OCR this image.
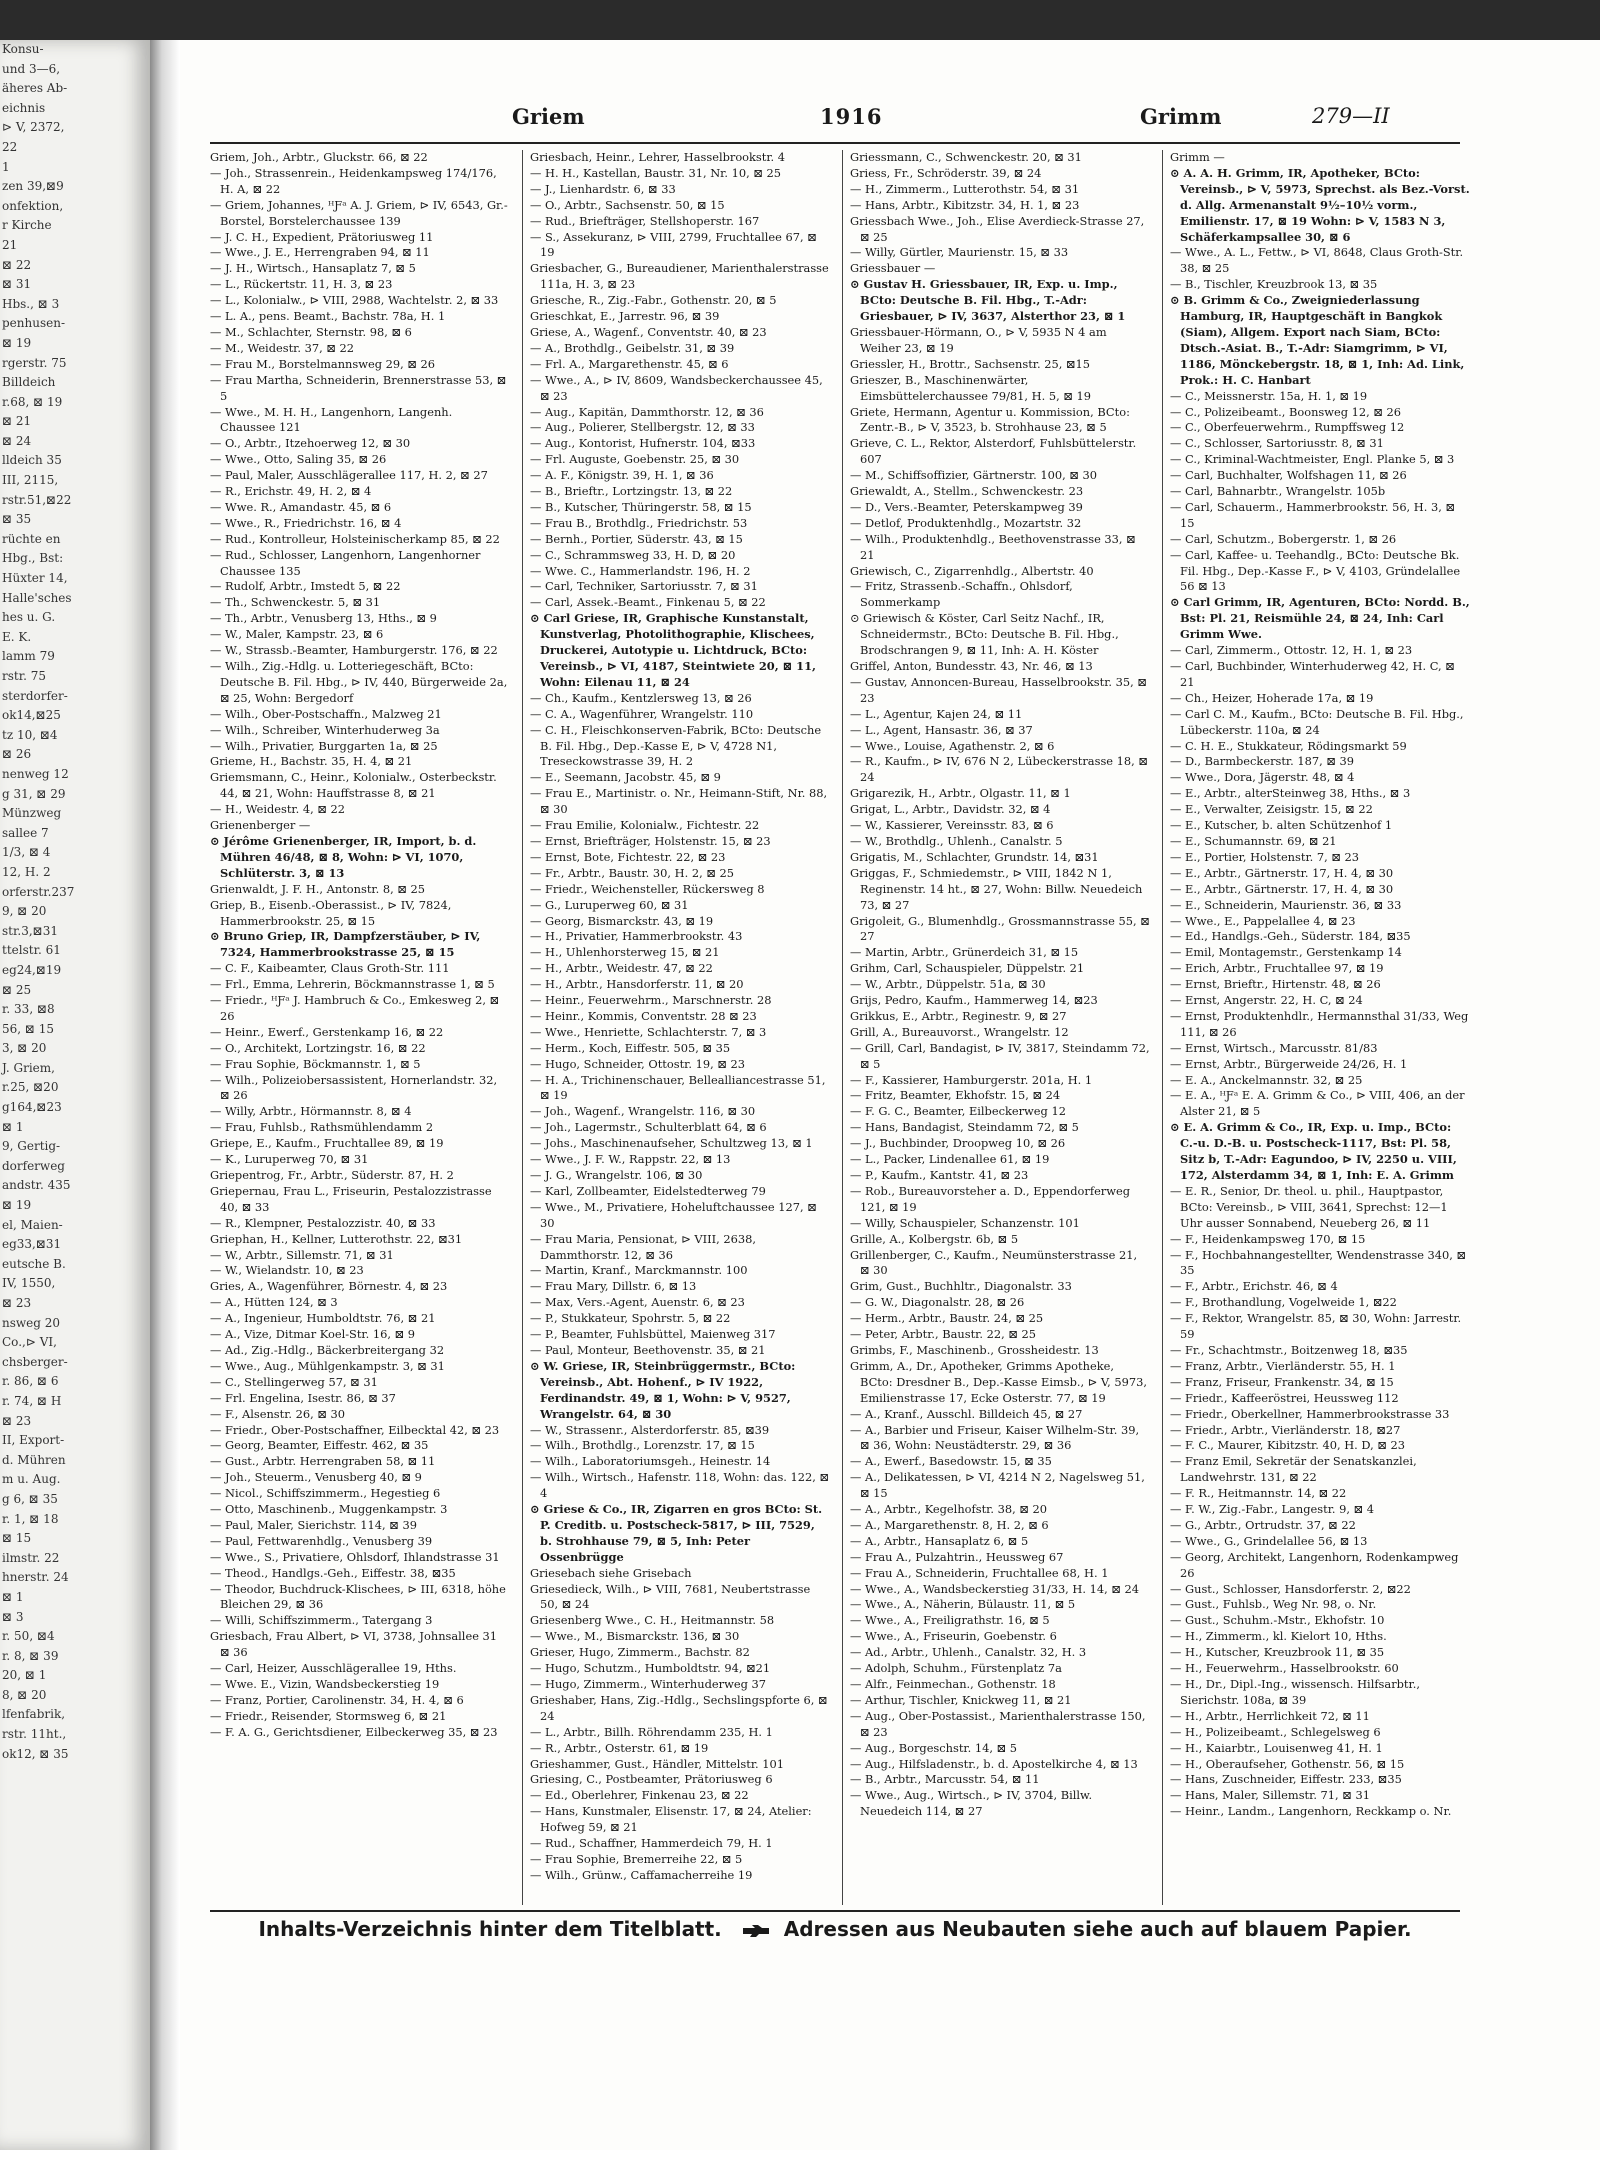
Konsu-
und 3—6,
äheres Ab-
eichnis
⊳ V, 2372,
22
1
zen 39,⊠9
onfektion,
r Kirche
21
⊠ 22
⊠ 31
Hbs., ⊠ 3
penhusen-
⊠ 19
rgerstr. 75
Billdeich
r.68, ⊠ 19
⊠ 21
⊠ 24
lldeich 35
III, 2115,
rstr.51,⊠22
⊠ 35
rüchte en
Hbg., Bst:
Hüxter 14,
Halle'sches
hes u. G.
E. K.
lamm 79
rstr. 75
sterdorfer-
ok14,⊠25
tz 10, ⊠4
⊠ 26
nenweg 12
g 31, ⊠ 29
Münzweg
sallee 7
1/3, ⊠ 4
12, H. 2
orferstr.237
9, ⊠ 20
str.3,⊠31
ttelstr. 61
eg24,⊠19
⊠ 25
r. 33, ⊠8
56, ⊠ 15
3, ⊠ 20
J. Griem,
r.25, ⊠20
g164,⊠23
⊠ 1
9, Gertig-
dorferweg
andstr. 435
⊠ 19
el, Maien-
eg33,⊠31
eutsche B.
IV, 1550,
⊠ 23
nsweg 20
Co.,⊳ VI,
chsberger-
r. 86, ⊠ 6
r. 74, ⊠ H
⊠ 23
II, Export-
d. Mühren
m u. Aug.
g 6, ⊠ 35
r. 1, ⊠ 18
⊠ 15
ilmstr. 22
hnerstr. 24
⊠ 1
⊠ 3
r. 50, ⊠4
r. 8, ⊠ 39
20, ⊠ 1
8, ⊠ 20
lfenfabrik,
rstr. 11ht.,
ok12, ⊠ 35
Griem	1916	Grimm	279—II
Griem, Joh., Arbtr., Gluckstr. 66, ⊠ 22
— Joh., Strassenrein., Heidenkampsweg 174/176, H. A, ⊠ 22
— Griem, Johannes, ᴴƑᵃ A. J. Griem, ⊳ IV, 6543, Gr.-Borstel, Borstelerchaussee 139
— J. C. H., Expedient, Prätoriusweg 11
— Wwe., J. E., Herrengraben 94, ⊠ 11
— J. H., Wirtsch., Hansaplatz 7, ⊠ 5
— L., Rückertstr. 11, H. 3, ⊠ 23
— L., Kolonialw., ⊳ VIII, 2988, Wachtelstr. 2, ⊠ 33
— L. A., pens. Beamt., Bachstr. 78a, H. 1
— M., Schlachter, Sternstr. 98, ⊠ 6
— M., Weidestr. 37, ⊠ 22
— Frau M., Borstelmannsweg 29, ⊠ 26
— Frau Martha, Schneiderin, Brennerstrasse 53, ⊠ 5
— Wwe., M. H. H., Langenhorn, Langenh. Chaussee 121
— O., Arbtr., Itzehoerweg 12, ⊠ 30
— Wwe., Otto, Saling 35, ⊠ 26
— Paul, Maler, Ausschlägerallee 117, H. 2, ⊠ 27
— R., Erichstr. 49, H. 2, ⊠ 4
— Wwe. R., Amandastr. 45, ⊠ 6
— Wwe., R., Friedrichstr. 16, ⊠ 4
— Rud., Kontrolleur, Holsteinischerkamp 85, ⊠ 22
— Rud., Schlosser, Langenhorn, Langenhorner Chaussee 135
— Rudolf, Arbtr., Imstedt 5, ⊠ 22
— Th., Schwenckestr. 5, ⊠ 31
— Th., Arbtr., Venusberg 13, Hths., ⊠ 9
— W., Maler, Kampstr. 23, ⊠ 6
— W., Strassb.-Beamter, Hamburgerstr. 176, ⊠ 22
— Wilh., Zig.-Hdlg. u. Lotteriegeschäft, BCto: Deutsche B. Fil. Hbg., ⊳ IV, 440, Bürgerweide 2a, ⊠ 25, Wohn: Bergedorf
— Wilh., Ober-Postschaffn., Malzweg 21
— Wilh., Schreiber, Winterhuderweg 3a
— Wilh., Privatier, Burggarten 1a, ⊠ 25
Grieme, H., Bachstr. 35, H. 4, ⊠ 21
Griemsmann, C., Heinr., Kolonialw., Osterbeckstr. 44, ⊠ 21, Wohn: Hauffstrasse 8, ⊠ 21
— H., Weidestr. 4, ⊠ 22
Grienenberger —
⊙ Jérôme Grienenberger, IR, Import, b. d. Mühren 46/48, ⊠ 8, Wohn: ⊳ VI, 1070, Schlüterstr. 3, ⊠ 13
Grienwaldt, J. F. H., Antonstr. 8, ⊠ 25
Griep, B., Eisenb.-Oberassist., ⊳ IV, 7824, Hammerbrookstr. 25, ⊠ 15
⊙ Bruno Griep, IR, Dampfzerstäuber, ⊳ IV, 7324, Hammerbrookstrasse 25, ⊠ 15
— C. F., Kaibeamter, Claus Groth-Str. 111
— Frl., Emma, Lehrerin, Böckmannstrasse 1, ⊠ 5
— Friedr., ᴴƑᵃ J. Hambruch & Co., Emkesweg 2, ⊠ 26
— Heinr., Ewerf., Gerstenkamp 16, ⊠ 22
— O., Architekt, Lortzingstr. 16, ⊠ 22
— Frau Sophie, Böckmannstr. 1, ⊠ 5
— Wilh., Polizeiobersassistent, Hornerlandstr. 32, ⊠ 26
— Willy, Arbtr., Hörmannstr. 8, ⊠ 4
— Frau, Fuhlsb., Rathsmühlendamm 2
Griepe, E., Kaufm., Fruchtallee 89, ⊠ 19
— K., Luruperweg 70, ⊠ 31
Griepentrog, Fr., Arbtr., Süderstr. 87, H. 2
Griepernau, Frau L., Friseurin, Pestalozzistrasse 40, ⊠ 33
— R., Klempner, Pestalozzistr. 40, ⊠ 33
Griephan, H., Kellner, Lutterothstr. 22, ⊠31
— W., Arbtr., Sillemstr. 71, ⊠ 31
— W., Wielandstr. 10, ⊠ 23
Gries, A., Wagenführer, Börnestr. 4, ⊠ 23
— A., Hütten 124, ⊠ 3
— A., Ingenieur, Humboldtstr. 76, ⊠ 21
— A., Vize, Ditmar Koel-Str. 16, ⊠ 9
— Ad., Zig.-Hdlg., Bäckerbreitergang 32
— Wwe., Aug., Mühlgenkampstr. 3, ⊠ 31
— C., Stellingerweg 57, ⊠ 31
— Frl. Engelina, Isestr. 86, ⊠ 37
— F., Alsenstr. 26, ⊠ 30
— Friedr., Ober-Postschaffner, Eilbecktal 42, ⊠ 23
— Georg, Beamter, Eiffestr. 462, ⊠ 35
— Gust., Arbtr. Herrengraben 58, ⊠ 11
— Joh., Steuerm., Venusberg 40, ⊠ 9
— Nicol., Schiffszimmerm., Hegestieg 6
— Otto, Maschinenb., Muggenkampstr. 3
— Paul, Maler, Sierichstr. 114, ⊠ 39
— Paul, Fettwarenhdlg., Venusberg 39
— Wwe., S., Privatiere, Ohlsdorf, Ihlandstrasse 31
— Theod., Handlgs.-Geh., Eiffestr. 38, ⊠35
— Theodor, Buchdruck-Klischees, ⊳ III, 6318, höhe Bleichen 29, ⊠ 36
— Willi, Schiffszimmerm., Tatergang 3
Griesbach, Frau Albert, ⊳ VI, 3738, Johnsallee 31 ⊠ 36
— Carl, Heizer, Ausschlägerallee 19, Hths.
— Wwe. E., Vizin, Wandsbeckerstieg 19
— Franz, Portier, Carolinenstr. 34, H. 4, ⊠ 6
— Friedr., Reisender, Stormsweg 6, ⊠ 21
— F. A. G., Gerichtsdiener, Eilbeckerweg 35, ⊠ 23
Griesbach, Heinr., Lehrer, Hasselbrookstr. 4
— H. H., Kastellan, Baustr. 31, Nr. 10, ⊠ 25
— J., Lienhardstr. 6, ⊠ 33
— O., Arbtr., Sachsenstr. 50, ⊠ 15
— Rud., Briefträger, Stellshoperstr. 167
— S., Assekuranz, ⊳ VIII, 2799, Fruchtallee 67, ⊠ 19
Griesbacher, G., Bureaudiener, Marienthalerstrasse 111a, H. 3, ⊠ 23
Griesche, R., Zig.-Fabr., Gothenstr. 20, ⊠ 5
Grieschkat, E., Jarrestr. 96, ⊠ 39
Griese, A., Wagenf., Conventstr. 40, ⊠ 23
— A., Brothdlg., Geibelstr. 31, ⊠ 39
— Frl. A., Margarethenstr. 45, ⊠ 6
— Wwe., A., ⊳ IV, 8609, Wandsbeckerchaussee 45, ⊠ 23
— Aug., Kapitän, Dammthorstr. 12, ⊠ 36
— Aug., Polierer, Stellbergstr. 12, ⊠ 33
— Aug., Kontorist, Hufnerstr. 104, ⊠33
— Frl. Auguste, Goebenstr. 25, ⊠ 30
— A. F., Königstr. 39, H. 1, ⊠ 36
— B., Brieftr., Lortzingstr. 13, ⊠ 22
— B., Kutscher, Thüringerstr. 58, ⊠ 15
— Frau B., Brothdlg., Friedrichstr. 53
— Bernh., Portier, Süderstr. 43, ⊠ 15
— C., Schrammsweg 33, H. D, ⊠ 20
— Wwe. C., Hammerlandstr. 196, H. 2
— Carl, Techniker, Sartoriusstr. 7, ⊠ 31
— Carl, Assek.-Beamt., Finkenau 5, ⊠ 22
⊙ Carl Griese, IR, Graphische Kunstanstalt, Kunstverlag, Photolithographie, Klischees, Druckerei, Autotypie u. Lichtdruck, BCto: Vereinsb., ⊳ VI, 4187, Steintwiete 20, ⊠ 11, Wohn: Eilenau 11, ⊠ 24
— Ch., Kaufm., Kentzlersweg 13, ⊠ 26
— C. A., Wagenführer, Wrangelstr. 110
— C. H., Fleischkonserven-Fabrik, BCto: Deutsche B. Fil. Hbg., Dep.-Kasse E, ⊳ V, 4728 N1, Treseckowstrasse 39, H. 2
— E., Seemann, Jacobstr. 45, ⊠ 9
— Frau E., Martinistr. o. Nr., Heimann-Stift, Nr. 88, ⊠ 30
— Frau Emilie, Kolonialw., Fichtestr. 22
— Ernst, Briefträger, Holstenstr. 15, ⊠ 23
— Ernst, Bote, Fichtestr. 22, ⊠ 23
— Fr., Arbtr., Baustr. 30, H. 2, ⊠ 25
— Friedr., Weichensteller, Rückersweg 8
— G., Luruperweg 60, ⊠ 31
— Georg, Bismarckstr. 43, ⊠ 19
— H., Privatier, Hammerbrookstr. 43
— H., Uhlenhorsterweg 15, ⊠ 21
— H., Arbtr., Weidestr. 47, ⊠ 22
— H., Arbtr., Hansdorferstr. 11, ⊠ 20
— Heinr., Feuerwehrm., Marschnerstr. 28
— Heinr., Kommis, Conventstr. 28 ⊠ 23
— Wwe., Henriette, Schlachterstr. 7, ⊠ 3
— Herm., Koch, Eiffestr. 505, ⊠ 35
— Hugo, Schneider, Ottostr. 19, ⊠ 23
— H. A., Trichinenschauer, Bellealliancestrasse 51, ⊠ 19
— Joh., Wagenf., Wrangelstr. 116, ⊠ 30
— Joh., Lagermstr., Schulterblatt 64, ⊠ 6
— Johs., Maschinenaufseher, Schultzweg 13, ⊠ 1
— Wwe., J. F. W., Rappstr. 22, ⊠ 13
— J. G., Wrangelstr. 106, ⊠ 30
— Karl, Zollbeamter, Eidelstedterweg 79
— Wwe., M., Privatiere, Hoheluftchaussee 127, ⊠ 30
— Frau Maria, Pensionat, ⊳ VIII, 2638, Dammthorstr. 12, ⊠ 36
— Martin, Kranf., Marckmannstr. 100
— Frau Mary, Dillstr. 6, ⊠ 13
— Max, Vers.-Agent, Auenstr. 6, ⊠ 23
— P., Stukkateur, Spohrstr. 5, ⊠ 22
— P., Beamter, Fuhlsbüttel, Maienweg 317
— Paul, Monteur, Beethovenstr. 35, ⊠ 21
⊙ W. Griese, IR, Steinbrüggermstr., BCto: Vereinsb., Abt. Hohenf., ⊳ IV 1922, Ferdinandstr. 49, ⊠ 1, Wohn: ⊳ V, 9527, Wrangelstr. 64, ⊠ 30
— W., Strassenr., Alsterdorferstr. 85, ⊠39
— Wilh., Brothdlg., Lorenzstr. 17, ⊠ 15
— Wilh., Laboratoriumsgeh., Heinestr. 14
— Wilh., Wirtsch., Hafenstr. 118, Wohn: das. 122, ⊠ 4
⊙ Griese & Co., IR, Zigarren en gros BCto: St. P. Creditb. u. Postscheck-5817, ⊳ III, 7529, b. Strohhause 79, ⊠ 5, Inh: Peter Ossenbrügge
Griesebach siehe Grisebach
Griesedieck, Wilh., ⊳ VIII, 7681, Neubertstrasse 50, ⊠ 24
Griesenberg Wwe., C. H., Heitmannstr. 58
— Wwe., M., Bismarckstr. 136, ⊠ 30
Grieser, Hugo, Zimmerm., Bachstr. 82
— Hugo, Schutzm., Humboldtstr. 94, ⊠21
— Hugo, Zimmerm., Winterhuderweg 37
Grieshaber, Hans, Zig.-Hdlg., Sechslingspforte 6, ⊠ 24
— L., Arbtr., Billh. Röhrendamm 235, H. 1
— R., Arbtr., Osterstr. 61, ⊠ 19
Grieshammer, Gust., Händler, Mittelstr. 101
Griesing, C., Postbeamter, Prätoriusweg 6
— Ed., Oberlehrer, Finkenau 23, ⊠ 22
— Hans, Kunstmaler, Elisenstr. 17, ⊠ 24, Atelier: Hofweg 59, ⊠ 21
— Rud., Schaffner, Hammerdeich 79, H. 1
— Frau Sophie, Bremerreihe 22, ⊠ 5
— Wilh., Grünw., Caffamacherreihe 19
Griessmann, C., Schwenckestr. 20, ⊠ 31
Griess, Fr., Schröderstr. 39, ⊠ 24
— H., Zimmerm., Lutterothstr. 54, ⊠ 31
— Hans, Arbtr., Kibitzstr. 34, H. 1, ⊠ 23
Griessbach Wwe., Joh., Elise Averdieck-Strasse 27, ⊠ 25
— Willy, Gürtler, Maurienstr. 15, ⊠ 33
Griessbauer —
⊙ Gustav H. Griessbauer, IR, Exp. u. Imp., BCto: Deutsche B. Fil. Hbg., T.-Adr: Griesbauer, ⊳ IV, 3637, Alsterthor 23, ⊠ 1
Griessbauer-Hörmann, O., ⊳ V, 5935 N 4 am Weiher 23, ⊠ 19
Griessler, H., Brottr., Sachsenstr. 25, ⊠15
Grieszer, B., Maschinenwärter, Eimsbüttelerchaussee 79/81, H. 5, ⊠ 19
Griete, Hermann, Agentur u. Kommission, BCto: Zentr.-B., ⊳ V, 3523, b. Strohhause 23, ⊠ 5
Grieve, C. L., Rektor, Alsterdorf, Fuhlsbüttelerstr. 607
— M., Schiffsoffizier, Gärtnerstr. 100, ⊠ 30
Griewaldt, A., Stellm., Schwenckestr. 23
— D., Vers.-Beamter, Peterskampweg 39
— Detlof, Produktenhdlg., Mozartstr. 32
— Wilh., Produktenhdlg., Beethovenstrasse 33, ⊠ 21
Griewisch, C., Zigarrenhdlg., Albertstr. 40
— Fritz, Strassenb.-Schaffn., Ohlsdorf, Sommerkamp
⊙ Griewisch & Köster, Carl Seitz Nachf., IR, Schneidermstr., BCto: Deutsche B. Fil. Hbg., Brodschrangen 9, ⊠ 11, Inh: A. H. Köster
Griffel, Anton, Bundesstr. 43, Nr. 46, ⊠ 13
— Gustav, Annoncen-Bureau, Hasselbrookstr. 35, ⊠ 23
— L., Agentur, Kajen 24, ⊠ 11
— L., Agent, Hansastr. 36, ⊠ 37
— Wwe., Louise, Agathenstr. 2, ⊠ 6
— R., Kaufm., ⊳ IV, 676 N 2, Lübeckerstrasse 18, ⊠ 24
Grigarezik, H., Arbtr., Olgastr. 11, ⊠ 1
Grigat, L., Arbtr., Davidstr. 32, ⊠ 4
— W., Kassierer, Vereinsstr. 83, ⊠ 6
— W., Brothdlg., Uhlenh., Canalstr. 5
Grigatis, M., Schlachter, Grundstr. 14, ⊠31
Griggas, F., Schmiedemstr., ⊳ VIII, 1842 N 1, Reginenstr. 14 ht., ⊠ 27, Wohn: Billw. Neuedeich 73, ⊠ 27
Grigoleit, G., Blumenhdlg., Grossmannstrasse 55, ⊠ 27
— Martin, Arbtr., Grünerdeich 31, ⊠ 15
Grihm, Carl, Schauspieler, Düppelstr. 21
— W., Arbtr., Düppelstr. 51a, ⊠ 30
Grijs, Pedro, Kaufm., Hammerweg 14, ⊠23
Grikkus, E., Arbtr., Reginestr. 9, ⊠ 27
Grill, A., Bureauvorst., Wrangelstr. 12
— Grill, Carl, Bandagist, ⊳ IV, 3817, Steindamm 72, ⊠ 5
— F., Kassierer, Hamburgerstr. 201a, H. 1
— Fritz, Beamter, Ekhofstr. 15, ⊠ 24
— F. G. C., Beamter, Eilbeckerweg 12
— Hans, Bandagist, Steindamm 72, ⊠ 5
— J., Buchbinder, Droopweg 10, ⊠ 26
— L., Packer, Lindenallee 61, ⊠ 19
— P., Kaufm., Kantstr. 41, ⊠ 23
— Rob., Bureauvorsteher a. D., Eppendorferweg 121, ⊠ 19
— Willy, Schauspieler, Schanzenstr. 101
Grille, A., Kolbergstr. 6b, ⊠ 5
Grillenberger, C., Kaufm., Neumünsterstrasse 21, ⊠ 30
Grim, Gust., Buchhltr., Diagonalstr. 33
— G. W., Diagonalstr. 28, ⊠ 26
— Herm., Arbtr., Baustr. 24, ⊠ 25
— Peter, Arbtr., Baustr. 22, ⊠ 25
Grimbs, F., Maschinenb., Grossheidestr. 13
Grimm, A., Dr., Apotheker, Grimms Apotheke, BCto: Dresdner B., Dep.-Kasse Eimsb., ⊳ V, 5973, Emilienstrasse 17, Ecke Osterstr. 77, ⊠ 19
— A., Kranf., Ausschl. Billdeich 45, ⊠ 27
— A., Barbier und Friseur, Kaiser Wilhelm-Str. 39, ⊠ 36, Wohn: Neustädterstr. 29, ⊠ 36
— A., Ewerf., Basedowstr. 15, ⊠ 35
— A., Delikatessen, ⊳ VI, 4214 N 2, Nagelsweg 51, ⊠ 15
— A., Arbtr., Kegelhofstr. 38, ⊠ 20
— A., Margarethenstr. 8, H. 2, ⊠ 6
— A., Arbtr., Hansaplatz 6, ⊠ 5
— Frau A., Pulzahtrin., Heussweg 67
— Frau A., Schneiderin, Fruchtallee 68, H. 1
— Wwe., A., Wandsbeckerstieg 31/33, H. 14, ⊠ 24
— Wwe., A., Näherin, Bülaustr. 11, ⊠ 5
— Wwe., A., Freiligrathstr. 16, ⊠ 5
— Wwe., A., Friseurin, Goebenstr. 6
— Ad., Arbtr., Uhlenh., Canalstr. 32, H. 3
— Adolph, Schuhm., Fürstenplatz 7a
— Alfr., Feinmechan., Gothenstr. 18
— Arthur, Tischler, Knickweg 11, ⊠ 21
— Aug., Ober-Postassist., Marienthalerstrasse 150, ⊠ 23
— Aug., Borgeschstr. 14, ⊠ 5
— Aug., Hilfsladenstr., b. d. Apostelkirche 4, ⊠ 13
— B., Arbtr., Marcusstr. 54, ⊠ 11
— Wwe., Aug., Wirtsch., ⊳ IV, 3704, Billw. Neuedeich 114, ⊠ 27
Grimm —
⊙ A. A. H. Grimm, IR, Apotheker, BCto: Vereinsb., ⊳ V, 5973, Sprechst. als Bez.-Vorst. d. Allg. Armenanstalt 9½–10½ vorm., Emilienstr. 17, ⊠ 19 Wohn: ⊳ V, 1583 N 3, Schäferkampsallee 30, ⊠ 6
— Wwe., A. L., Fettw., ⊳ VI, 8648, Claus Groth-Str. 38, ⊠ 25
— B., Tischler, Kreuzbrook 13, ⊠ 35
⊙ B. Grimm & Co., Zweigniederlassung Hamburg, IR, Hauptgeschäft in Bangkok (Siam), Allgem. Export nach Siam, BCto: Dtsch.-Asiat. B., T.-Adr: Siamgrimm, ⊳ VI, 1186, Mönckebergstr. 18, ⊠ 1, Inh: Ad. Link, Prok.: H. C. Hanbart
— C., Meissnerstr. 15a, H. 1, ⊠ 19
— C., Polizeibeamt., Boonsweg 12, ⊠ 26
— C., Oberfeuerwehrm., Rumpffsweg 12
— C., Schlosser, Sartoriusstr. 8, ⊠ 31
— C., Kriminal-Wachtmeister, Engl. Planke 5, ⊠ 3
— Carl, Buchhalter, Wolfshagen 11, ⊠ 26
— Carl, Bahnarbtr., Wrangelstr. 105b
— Carl, Schauerm., Hammerbrookstr. 56, H. 3, ⊠ 15
— Carl, Schutzm., Bobergerstr. 1, ⊠ 26
— Carl, Kaffee- u. Teehandlg., BCto: Deutsche Bk. Fil. Hbg., Dep.-Kasse F., ⊳ V, 4103, Gründelallee 56 ⊠ 13
⊙ Carl Grimm, IR, Agenturen, BCto: Nordd. B., Bst: Pl. 21, Reismühle 24, ⊠ 24, Inh: Carl Grimm Wwe.
— Carl, Zimmerm., Ottostr. 12, H. 1, ⊠ 23
— Carl, Buchbinder, Winterhuderweg 42, H. C, ⊠ 21
— Ch., Heizer, Hoherade 17a, ⊠ 19
— Carl C. M., Kaufm., BCto: Deutsche B. Fil. Hbg., Lübeckerstr. 110a, ⊠ 24
— C. H. E., Stukkateur, Rödingsmarkt 59
— D., Barmbeckerstr. 187, ⊠ 39
— Wwe., Dora, Jägerstr. 48, ⊠ 4
— E., Arbtr., alterSteinweg 38, Hths., ⊠ 3
— E., Verwalter, Zeisigstr. 15, ⊠ 22
— E., Kutscher, b. alten Schützenhof 1
— E., Schumannstr. 69, ⊠ 21
— E., Portier, Holstenstr. 7, ⊠ 23
— E., Arbtr., Gärtnerstr. 17, H. 4, ⊠ 30
— E., Arbtr., Gärtnerstr. 17, H. 4, ⊠ 30
— E., Schneiderin, Maurienstr. 36, ⊠ 33
— Wwe., E., Pappelallee 4, ⊠ 23
— Ed., Handlgs.-Geh., Süderstr. 184, ⊠35
— Emil, Montagemstr., Gerstenkamp 14
— Erich, Arbtr., Fruchtallee 97, ⊠ 19
— Ernst, Brieftr., Hirtenstr. 48, ⊠ 26
— Ernst, Angerstr. 22, H. C, ⊠ 24
— Ernst, Produktenhdlr., Hermannsthal 31/33, Weg 111, ⊠ 26
— Ernst, Wirtsch., Marcusstr. 81/83
— Ernst, Arbtr., Bürgerweide 24/26, H. 1
— E. A., Anckelmannstr. 32, ⊠ 25
— E. A., ᴴƑᵃ E. A. Grimm & Co., ⊳ VIII, 406, an der Alster 21, ⊠ 5
⊙ E. A. Grimm & Co., IR, Exp. u. Imp., BCto: C.-u. D.-B. u. Postscheck-1117, Bst: Pl. 58, Sitz b, T.-Adr: Eagundoo, ⊳ IV, 2250 u. VIII, 172, Alsterdamm 34, ⊠ 1, Inh: E. A. Grimm
— E. R., Senior, Dr. theol. u. phil., Hauptpastor, BCto: Vereinsb., ⊳ VIII, 3641, Sprechst: 12—1 Uhr ausser Sonnabend, Neueberg 26, ⊠ 11
— F., Heidenkampsweg 170, ⊠ 15
— F., Hochbahnangestellter, Wendenstrasse 340, ⊠ 35
— F., Arbtr., Erichstr. 46, ⊠ 4
— F., Brothandlung, Vogelweide 1, ⊠22
— F., Rektor, Wrangelstr. 85, ⊠ 30, Wohn: Jarrestr. 59
— Fr., Schachtmstr., Boitzenweg 18, ⊠35
— Franz, Arbtr., Vierländerstr. 55, H. 1
— Franz, Friseur, Frankenstr. 34, ⊠ 15
— Friedr., Kaffeeröstrei, Heussweg 112
— Friedr., Oberkellner, Hammerbrookstrasse 33
— Friedr., Arbtr., Vierländerstr. 18, ⊠27
— F. C., Maurer, Kibitzstr. 40, H. D, ⊠ 23
— Franz Emil, Sekretär der Senatskanzlei, Landwehrstr. 131, ⊠ 22
— F. R., Heitmannstr. 14, ⊠ 22
— F. W., Zig.-Fabr., Langestr. 9, ⊠ 4
— G., Arbtr., Ortrudstr. 37, ⊠ 22
— Wwe., G., Grindelallee 56, ⊠ 13
— Georg, Architekt, Langenhorn, Rodenkampweg 26
— Gust., Schlosser, Hansdorferstr. 2, ⊠22
— Gust., Fuhlsb., Weg Nr. 98, o. Nr.
— Gust., Schuhm.-Mstr., Ekhofstr. 10
— H., Zimmerm., kl. Kielort 10, Hths.
— H., Kutscher, Kreuzbrook 11, ⊠ 35
— H., Feuerwehrm., Hasselbrookstr. 60
— H., Dr., Dipl.-Ing., wissensch. Hilfsarbtr., Sierichstr. 108a, ⊠ 39
— H., Arbtr., Herrlichkeit 72, ⊠ 11
— H., Polizeibeamt., Schlegelsweg 6
— H., Kaiarbtr., Louisenweg 41, H. 1
— H., Oberaufseher, Gothenstr. 56, ⊠ 15
— Hans, Zuschneider, Eiffestr. 233, ⊠35
— Hans, Maler, Sillemstr. 71, ⊠ 31
— Heinr., Landm., Langenhorn, Reckkamp o. Nr.
Inhalts-Verzeichnis hinter dem Titelblatt.	Adressen aus Neubauten siehe auch auf blauem Papier.
